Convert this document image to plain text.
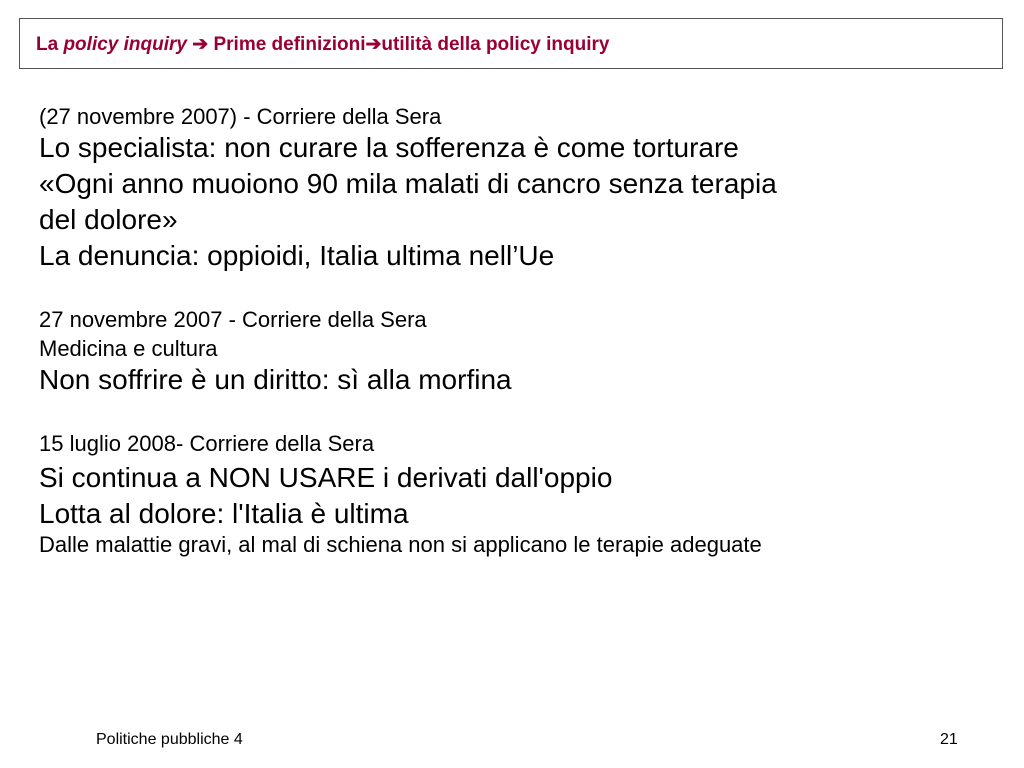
La policy inquiry ➔ Prime definizioni➔utilità della policy inquiry
(27 novembre 2007) - Corriere della Sera
Lo specialista: non curare la sofferenza è come torturare
«Ogni anno muoiono 90 mila malati di cancro senza terapia
del dolore»
La denuncia: oppioidi, Italia ultima nell’Ue
27 novembre 2007 - Corriere della Sera
Medicina e cultura
Non soffrire è un diritto: sì alla morfina
15 luglio 2008- Corriere della Sera
Si continua a NON USARE i derivati dall'oppio
Lotta al dolore: l'Italia è ultima
Dalle malattie gravi, al mal di schiena non si applicano le terapie adeguate
Politiche pubbliche 4	21
